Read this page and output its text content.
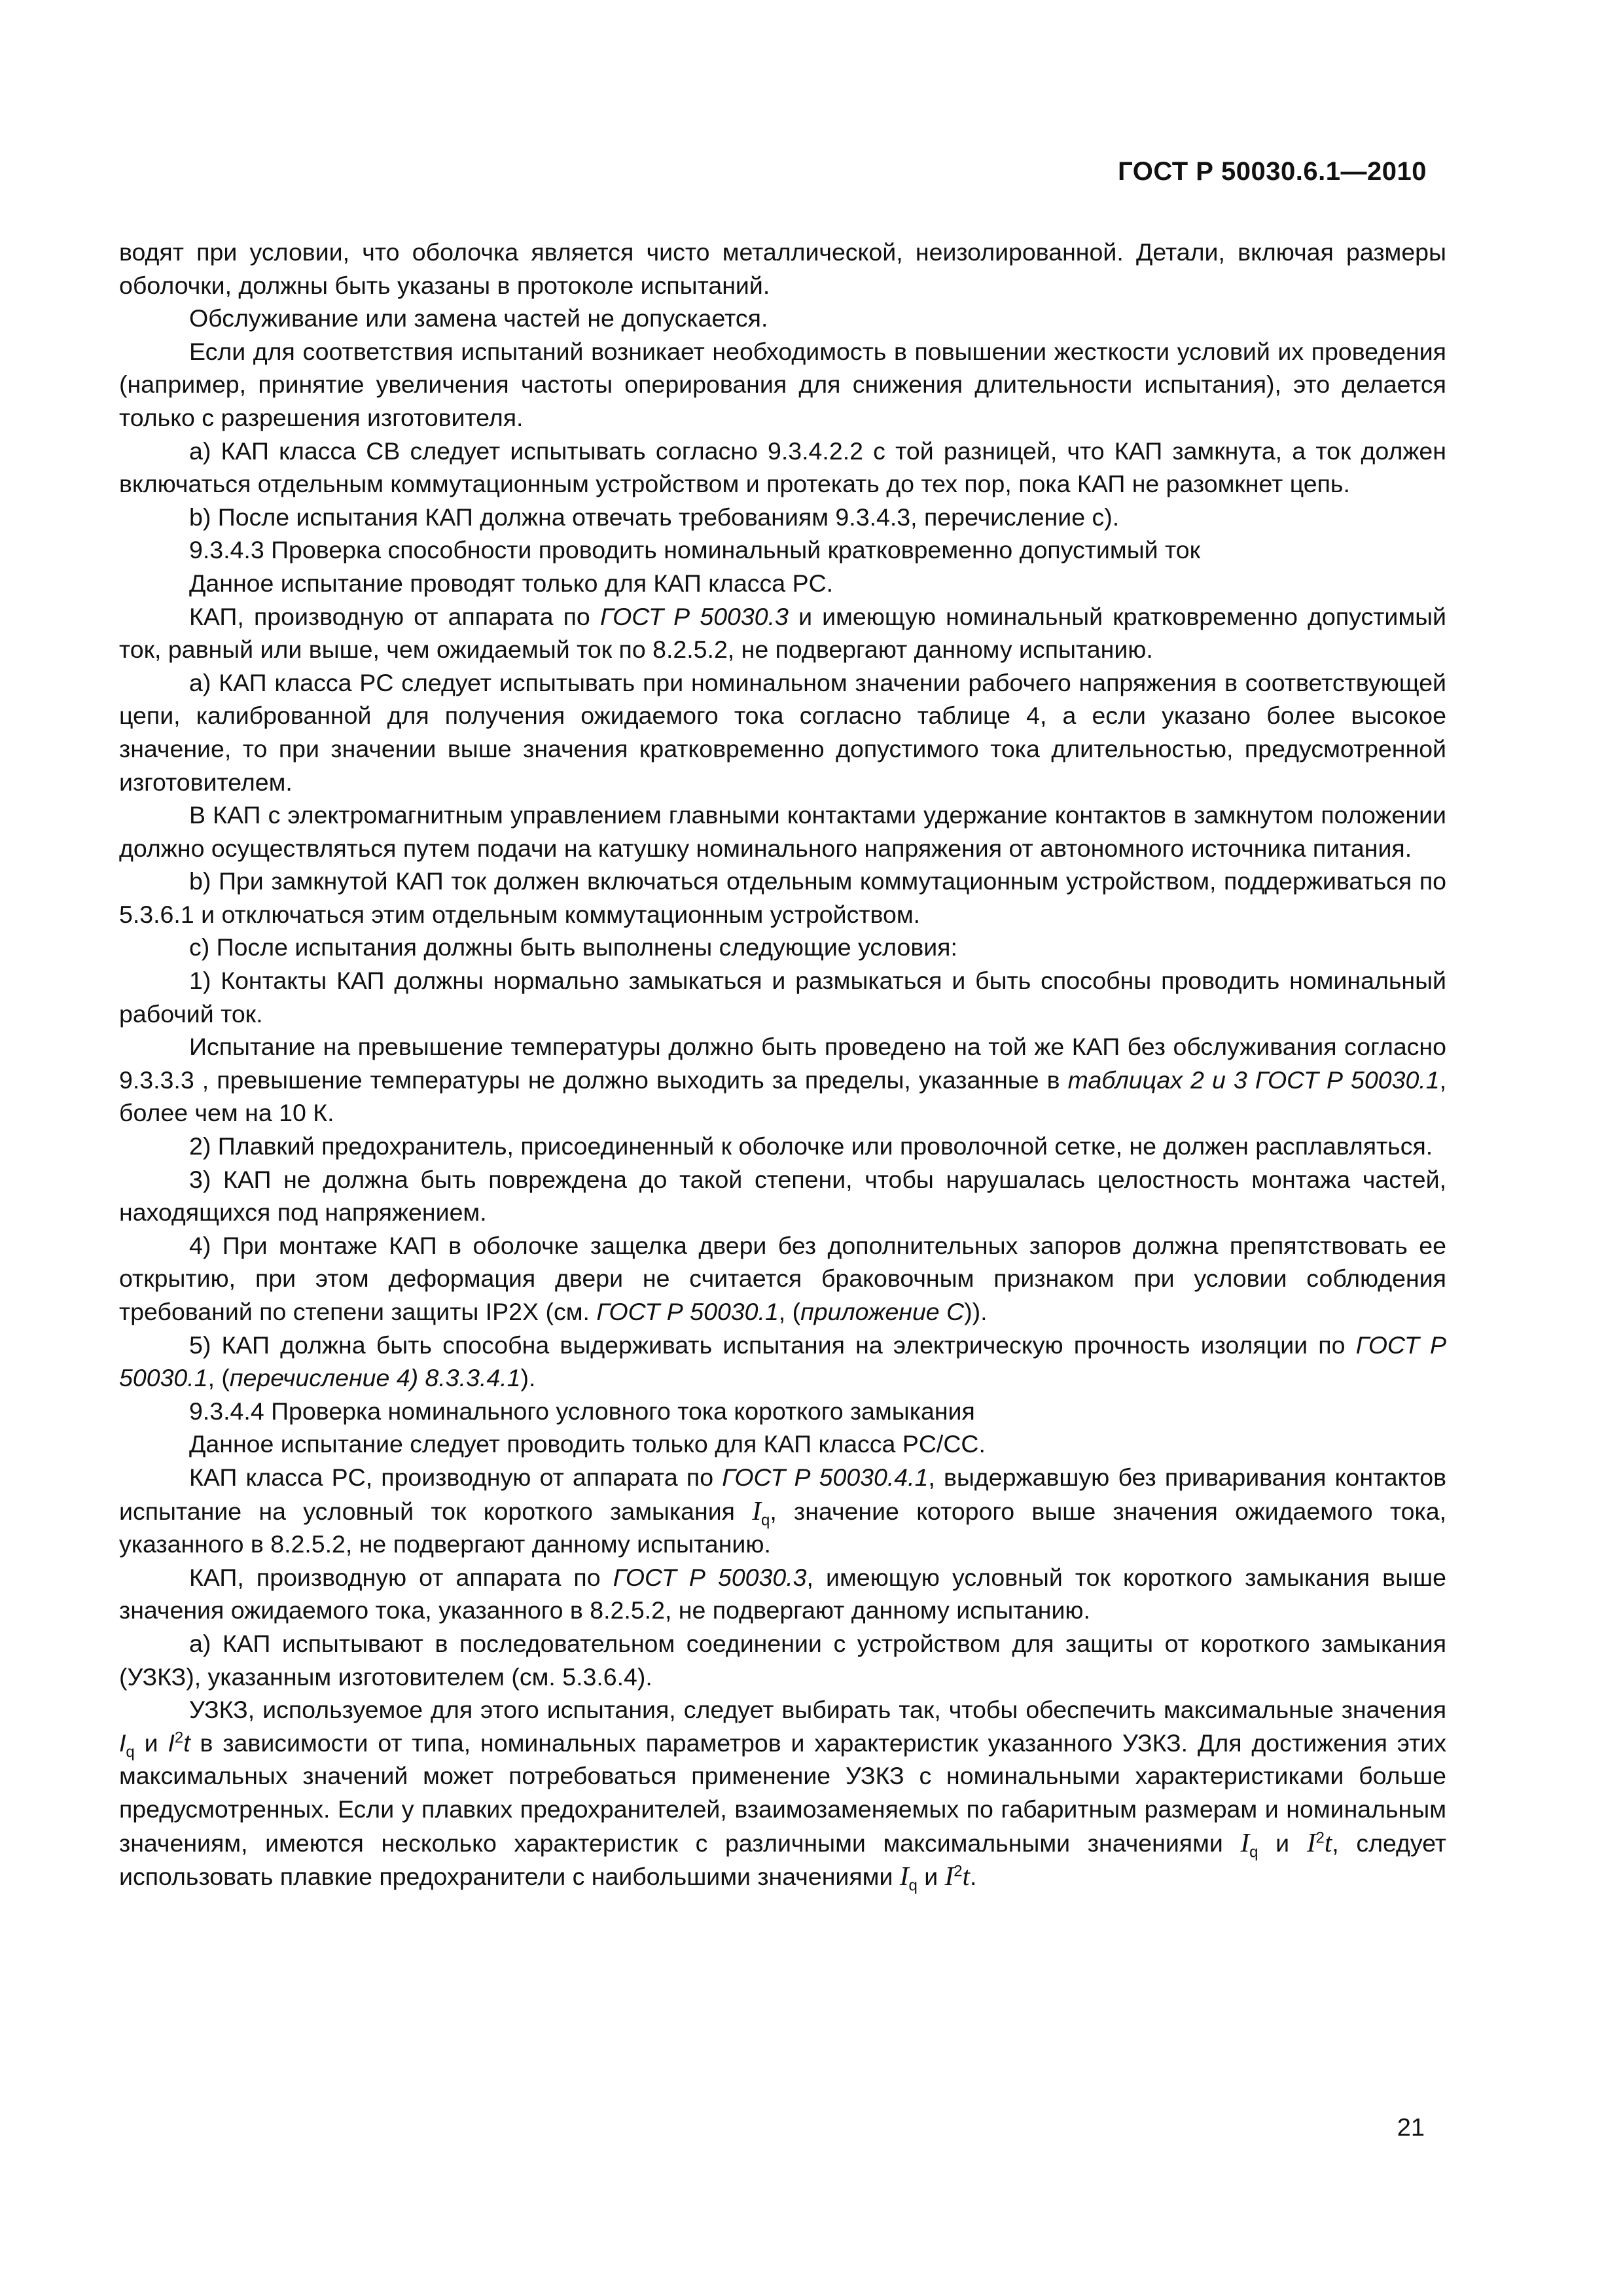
ГОСТ Р 50030.6.1—2010

водят при условии, что оболочка является чисто металлической, неизолированной. Детали, включая размеры оболочки, должны быть указаны в протоколе испытаний.

Обслуживание или замена частей не допускается.

Если для соответствия испытаний возникает необходимость в повышении жесткости условий их проведения (например, принятие увеличения частоты оперирования для снижения длительности испытания), это делается только с разрешения изготовителя.

a) КАП класса CB следует испытывать согласно 9.3.4.2.2 с той разницей, что КАП замкнута, а ток должен включаться отдельным коммутационным устройством и протекать до тех пор, пока КАП не разомкнет цепь.

b) После испытания КАП должна отвечать требованиям 9.3.4.3, перечисление с).

9.3.4.3 Проверка способности проводить номинальный кратковременно допустимый ток

Данное испытание проводят только для КАП класса PC.

КАП, производную от аппарата по ГОСТ Р 50030.3 и имеющую номинальный кратковременно допустимый ток, равный или выше, чем ожидаемый ток по 8.2.5.2, не подвергают данному испытанию.

a) КАП класса PC следует испытывать при номинальном значении рабочего напряжения в соответствующей цепи, калиброванной для получения ожидаемого тока согласно таблице 4, а если указано более высокое значение, то при значении выше значения кратковременно допустимого тока длительностью, предусмотренной изготовителем.

В КАП с электромагнитным управлением главными контактами удержание контактов в замкнутом положении должно осуществляться путем подачи на катушку номинального напряжения от автономного источника питания.

b) При замкнутой КАП ток должен включаться отдельным коммутационным устройством, поддерживаться по 5.3.6.1 и отключаться этим отдельным коммутационным устройством.

c) После испытания должны быть выполнены следующие условия:

1) Контакты КАП должны нормально замыкаться и размыкаться и быть способны проводить номинальный рабочий ток.

Испытание на превышение температуры должно быть проведено на той же КАП без обслуживания согласно 9.3.3.3 , превышение температуры не должно выходить за пределы, указанные в таблицах 2 и 3 ГОСТ Р 50030.1, более чем на 10 К.

2) Плавкий предохранитель, присоединенный к оболочке или проволочной сетке, не должен расплавляться.

3) КАП не должна быть повреждена до такой степени, чтобы нарушалась целостность монтажа частей, находящихся под напряжением.

4) При монтаже КАП в оболочке защелка двери без дополнительных запоров должна препятствовать ее открытию, при этом деформация двери не считается браковочным признаком при условии соблюдения требований по степени защиты IP2X (см. ГОСТ Р 50030.1, (приложение С)).

5) КАП должна быть способна выдерживать испытания на электрическую прочность изоляции по ГОСТ Р 50030.1, (перечисление 4) 8.3.3.4.1).

9.3.4.4 Проверка номинального условного тока короткого замыкания

Данное испытание следует проводить только для КАП класса PC/CC.

КАП класса PC, производную от аппарата по ГОСТ Р 50030.4.1, выдержавшую без приваривания контактов испытание на условный ток короткого замыкания $I_q$, значение которого выше значения ожидаемого тока, указанного в 8.2.5.2, не подвергают данному испытанию.

КАП, производную от аппарата по ГОСТ Р 50030.3, имеющую условный ток короткого замыкания выше значения ожидаемого тока, указанного в 8.2.5.2, не подвергают данному испытанию.

a) КАП испытывают в последовательном соединении с устройством для защиты от короткого замыкания (УЗКЗ), указанным изготовителем (см. 5.3.6.4).

УЗКЗ, используемое для этого испытания, следует выбирать так, чтобы обеспечить максимальные значения $I_q$ и $I^2t$ в зависимости от типа, номинальных параметров и характеристик указанного УЗКЗ. Для достижения этих максимальных значений может потребоваться применение УЗКЗ с номинальными характеристиками больше предусмотренных. Если у плавких предохранителей, взаимозаменяемых по габаритным размерам и номинальным значениям, имеются несколько характеристик с различными максимальными значениями $I_q$ и $I^2t$, следует использовать плавкие предохранители с наибольшими значениями $I_q$ и $I^2t$.

21
